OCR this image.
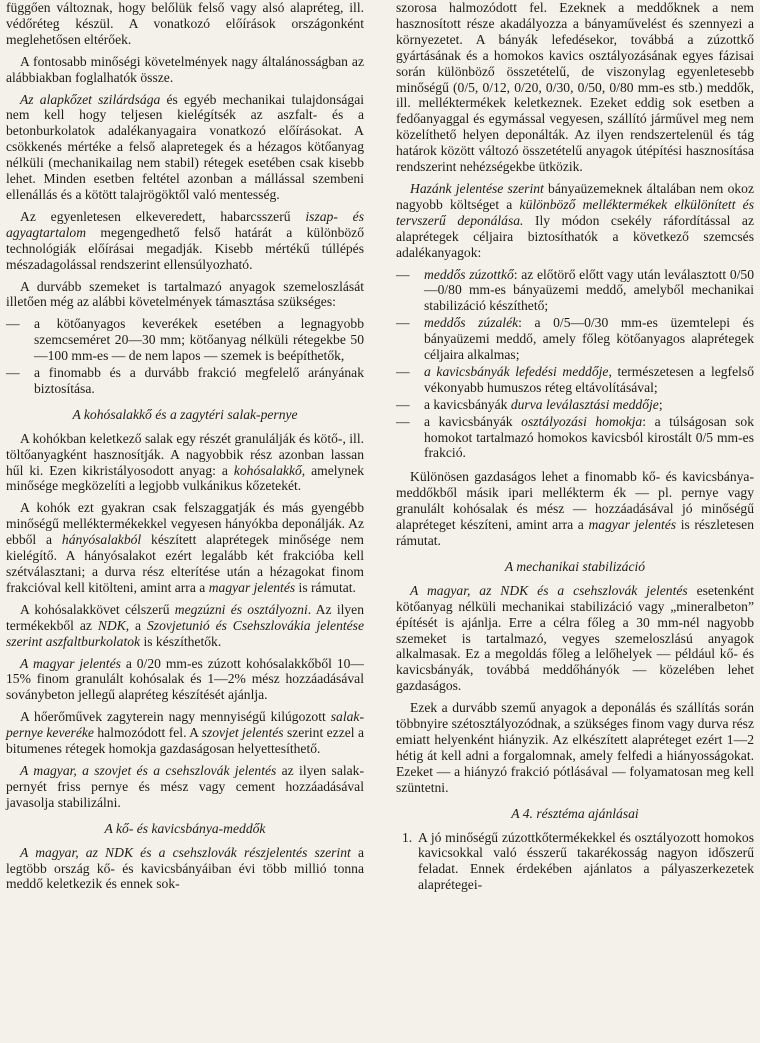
függően változnak, hogy belőlük felső vagy alsó alapréteg, ill. védőréteg készül. A vonatkozó előírások országonként meglehetősen eltérőek.

A fontosabb minőségi követelmények nagy általánosságban az alábbiakban foglalhatók össze.

Az alapkőzet szilárdsága és egyéb mechanikai tulajdonságai nem kell hogy teljesen kielégítsék az aszfalt- és a betonburkolatok adalékanyagaira vonatkozó előírásokat. A csökkenés mértéke a felső alapretegek és a hézagos kötőanyag nélküli (mechanikailag nem stabil) rétegek esetében csak kisebb lehet. Minden esetben feltétel azonban a mállással szembeni ellenállás és a kötött talajrögöktől való mentesség.

Az egyenletesen elkeveredett, habarcsszerű iszap- és agyagtartalom megengedhető felső határát a különböző technológiák előírásai megadják. Kisebb mértékű túllépés mészadagolással rendszerint ellensúlyozható.

A durvább szemeket is tartalmazó anyagok szemeloszlását illetően még az alábbi követelmények támasztása szükséges:

— a kötőanyagos keverékek esetében a legnagyobb szemcseméret 20—30 mm; kötőanyag nélküli rétegekbe 50—100 mm-es — de nem lapos — szemek is beépíthetők,
— a finomabb és a durvább frakció megfelelő arányának biztosítása.
A kohósalakkő és a zagytéri salak-pernye

A kohókban keletkező salak egy részét granulálják és kötő-, ill. töltőanyagként hasznosítják. A nagyobbik rész azonban lassan hűl ki. Ezen kikristályosodott anyag: a kohósalakkő, amelynek minősége megközelíti a legjobb vulkánikus kőzetekét.

A kohók ezt gyakran csak felszaggatják és más gyengébb minőségű melléktermékekkel vegyesen hányókba deponálják. Az ebből a hányósalakból készített alaprétegek minősége nem kielégítő. A hányósalakot ezért legalább két frakcióba kell szétválasztani; a durva rész elterítése után a hézagokat finom frakcióval kell kitölteni, amint arra a magyar jelentés is rámutat.

A kohósalakkövet célszerű megzúzni és osztályozni. Az ilyen termékekből az NDK, a Szovjetunió és Csehszlovákia jelentése szerint aszfaltburkolatok is készíthetők.

A magyar jelentés a 0/20 mm-es zúzott kohósalakkőből 10—15% finom granulált kohósalak és 1—2% mész hozzáadásával soványbeton jellegű alapréteg készítését ajánlja.

A hőerőművek zagyterein nagy mennyiségű kilúgozott salak-pernye keveréke halmozódott fel. A szovjet jelentés szerint ezzel a bitumenes rétegek homokja gazdaságosan helyettesíthető.

A magyar, a szovjet és a csehszlovák jelentés az ilyen salak-pernyét friss pernye és mész vagy cement hozzáadásával javasolja stabilizálni.

A kő- és kavicsbánya-meddők

A magyar, az NDK és a csehszlovák részjelentés szerint a legtöbb ország kő- és kavicsbányáiban évi több millió tonna meddő keletkezik és ennek sok-

szorosa halmozódott fel. Ezeknek a meddőknek a nem hasznosított része akadályozza a bányaművelést és szennyezi a környezetet. A bányák lefedésekor, továbbá a zúzottkő gyártásának és a homokos kavics osztályozásának egyes fázisai során különböző összetételű, de viszonylag egyenletesebb minőségű (0/5, 0/12, 0/20, 0/30, 0/50, 0/80 mm-es stb.) meddők, ill. melléktermékek keletkeznek. Ezeket eddig sok esetben a fedőanyaggal és egymással vegyesen, szállító járművel meg nem közelíthető helyen deponálták. Az ilyen rendszertelenül és tág határok között változó összetételű anyagok útépítési hasznosítása rendszerint nehézségekbe ütközik.

Hazánk jelentése szerint bányaüzemeknek általában nem okoz nagyobb költséget a különböző melléktermékek elkülönített és tervszerű deponálása. Ily módon csekély ráfordítással az alaprétegek céljaira biztosíthatók a következő szemcsés adalékanyagok:

— meddős zúzottkő: az előtörő előtt vagy után leválasztott 0/50—0/80 mm-es bányaüzemi meddő, amelyből mechanikai stabilizáció készíthető;
— meddős zúzalék: a 0/5—0/30 mm-es üzemtelepi és bányaüzemi meddő, amely főleg kötőanyagos alaprétegek céljaira alkalmas;
— a kavicsbányák lefedési meddője, természetesen a legfelső vékonyabb humuszos réteg eltávolításával;
— a kavicsbányák durva leválasztási meddője;
— a kavicsbányák osztályozási homokja: a túlságosan sok homokot tartalmazó homokos kavicsból kirostált 0/5 mm-es frakció.

Különösen gazdaságos lehet a finomabb kő- és kavicsbánya-meddőkből másik ipari mellékterm ék — pl. pernye vagy granulált kohósalak és mész — hozzáadásával jó minőségű alapréteget készíteni, amint arra a magyar jelentés is részletesen rámutat.

A mechanikai stabilizáció

A magyar, az NDK és a csehszlovák jelentés esetenként kötőanyag nélküli mechanikai stabilizáció vagy „mineralbeton” építését is ajánlja. Erre a célra főleg a 30 mm-nél nagyobb szemeket is tartalmazó, vegyes szemeloszlású anyagok alkalmasak. Ez a megoldás főleg a lelőhelyek — például kő- és kavicsbányák, továbbá meddőhányók — közelében lehet gazdaságos.

Ezek a durvább szemű anyagok a deponálás és szállítás során többnyire szétosztályozódnak, a szükséges finom vagy durva rész emiatt helyenként hiányzik. Az elkészített alapréteget ezért 1—2 hétig át kell adni a forgalomnak, amely felfedi a hiányosságokat. Ezeket — a hiányzó frakció pótlásával — folyamatosan meg kell szüntetni.

A 4. résztéma ajánlásai
1. A jó minőségű zúzottkőtermékekkel és osztályozott homokos kavicsokkal való ésszerű takarékosság nagyon időszerű feladat. Ennek érdekében ajánlatos a pályaszerkezetek alaprétegei-
